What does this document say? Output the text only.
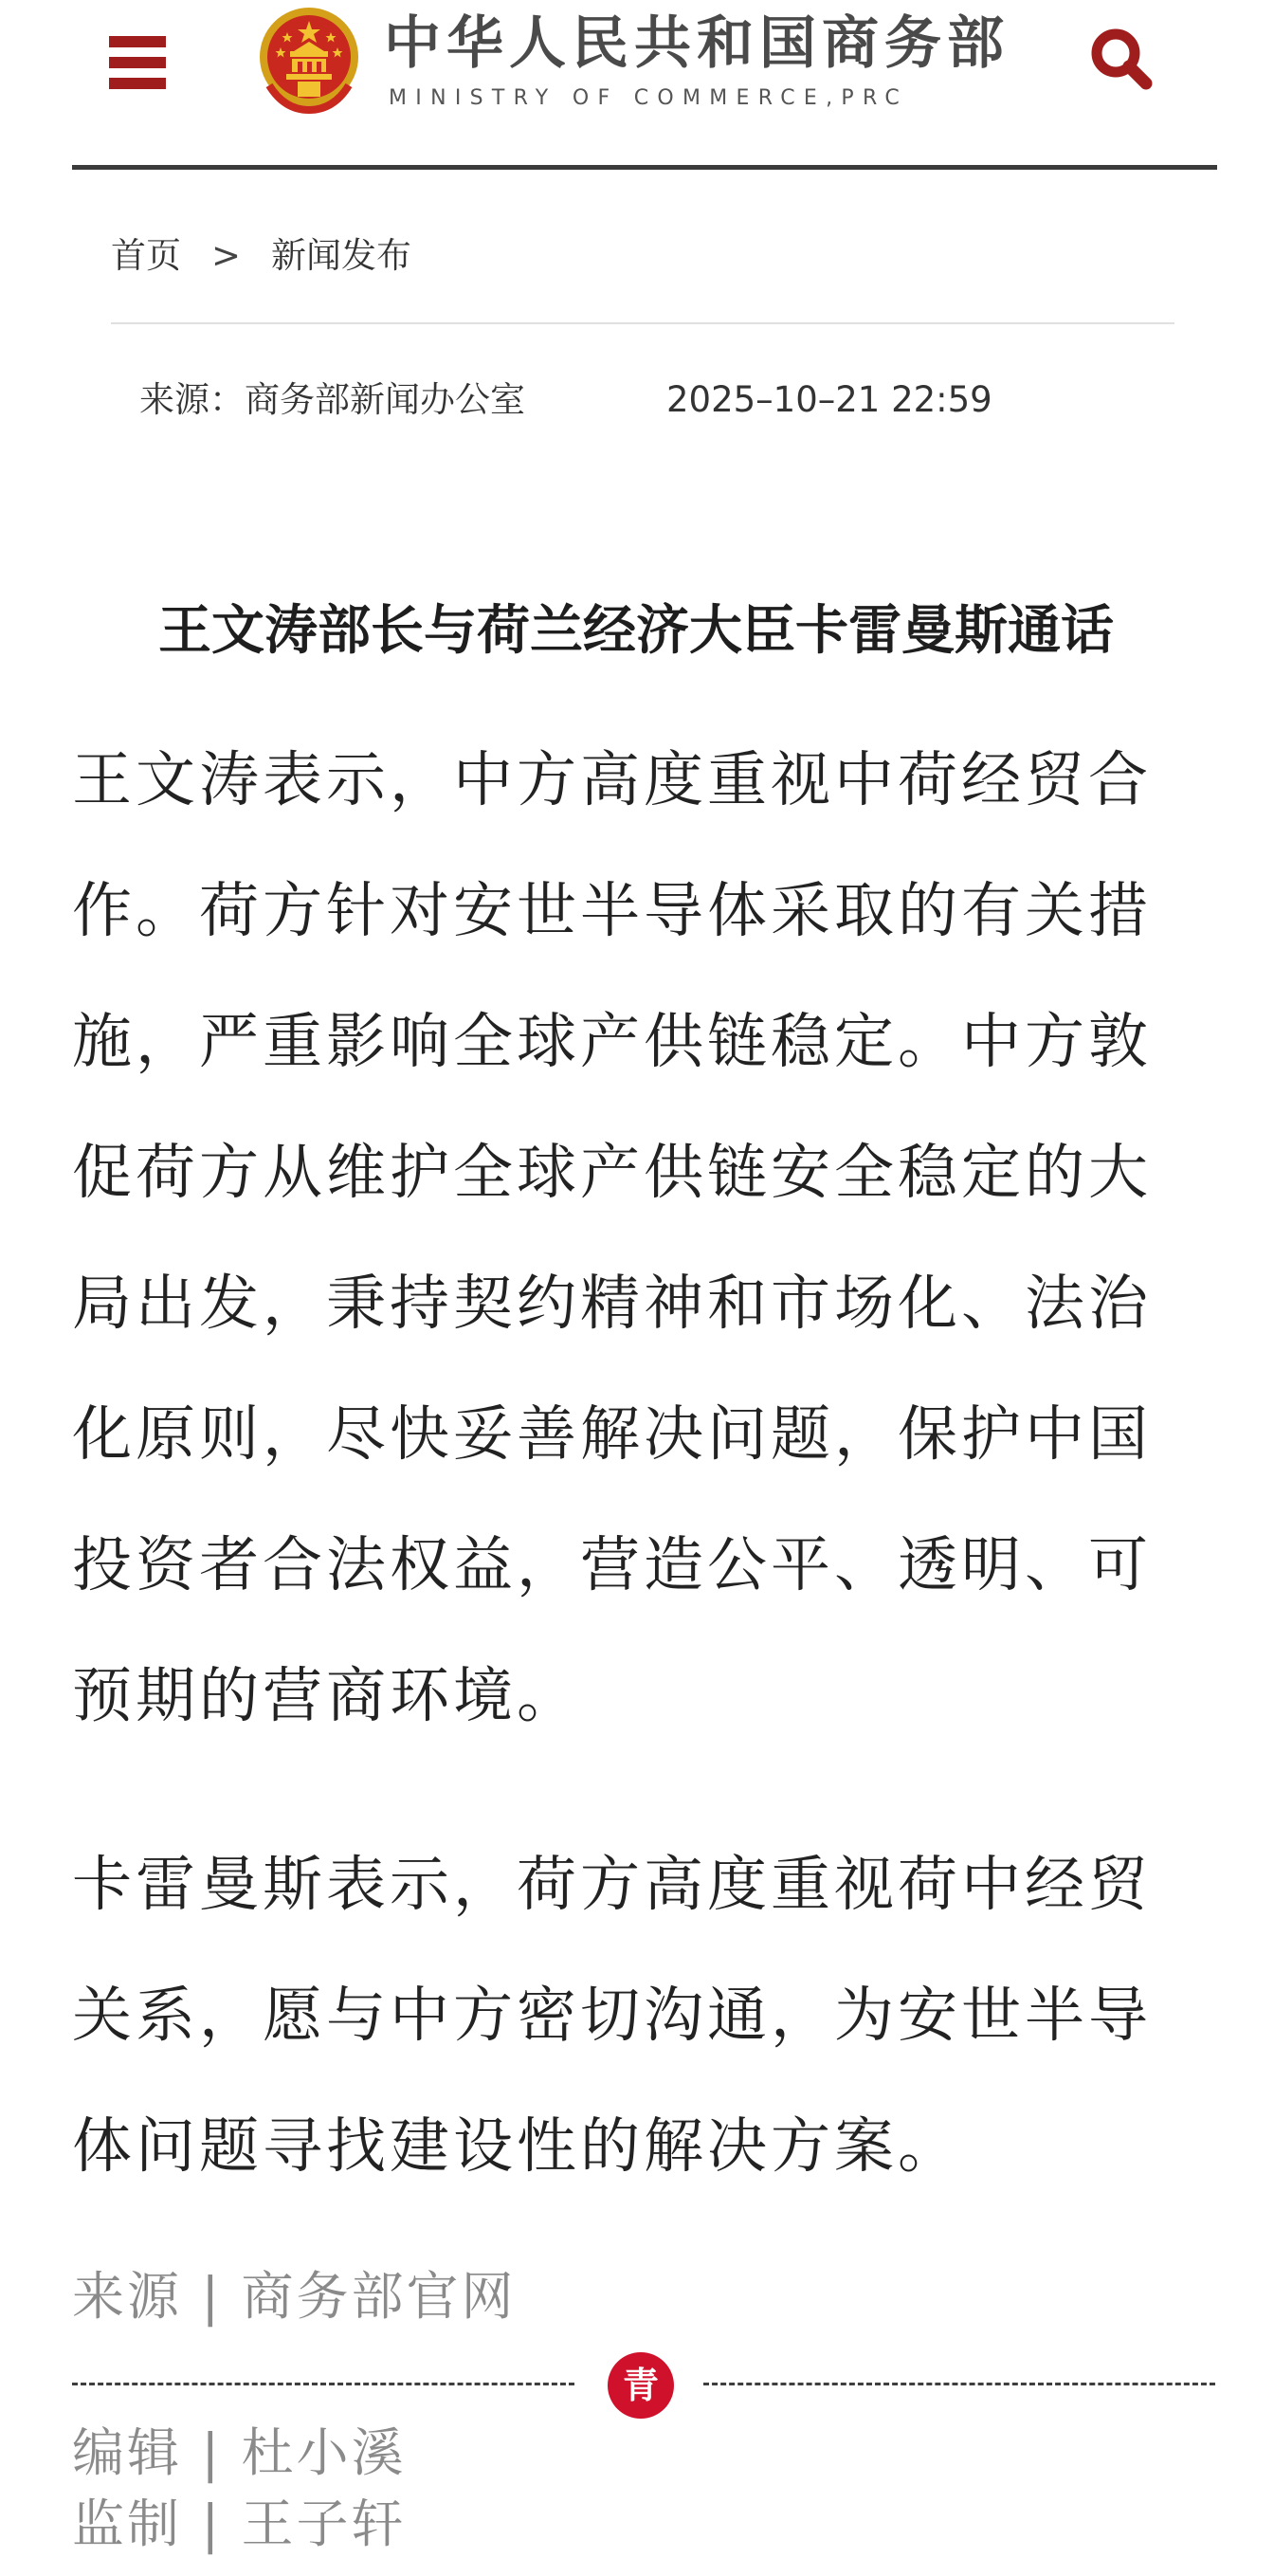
中华人民共和国商务部
MINISTRY OF COMMERCE,PRC
首页 > 新闻发布
来源：商务部新闻办公室	2025–10–21 22:59
王文涛部长与荷兰经济大臣卡雷曼斯通话

王文涛表示，中方高度重视中荷经贸合作。荷方针对安世半导体采取的有关措施，严重影响全球产供链稳定。中方敦促荷方从维护全球产供链安全稳定的大局出发，秉持契约精神和市场化、法治化原则，尽快妥善解决问题，保护中国投资者合法权益，营造公平、透明、可预期的营商环境。

卡雷曼斯表示，荷方高度重视荷中经贸关系，愿与中方密切沟通，为安世半导体问题寻找建设性的解决方案。

来源 | 商务部官网
青
编辑 | 杜小溪
监制 | 王子轩
